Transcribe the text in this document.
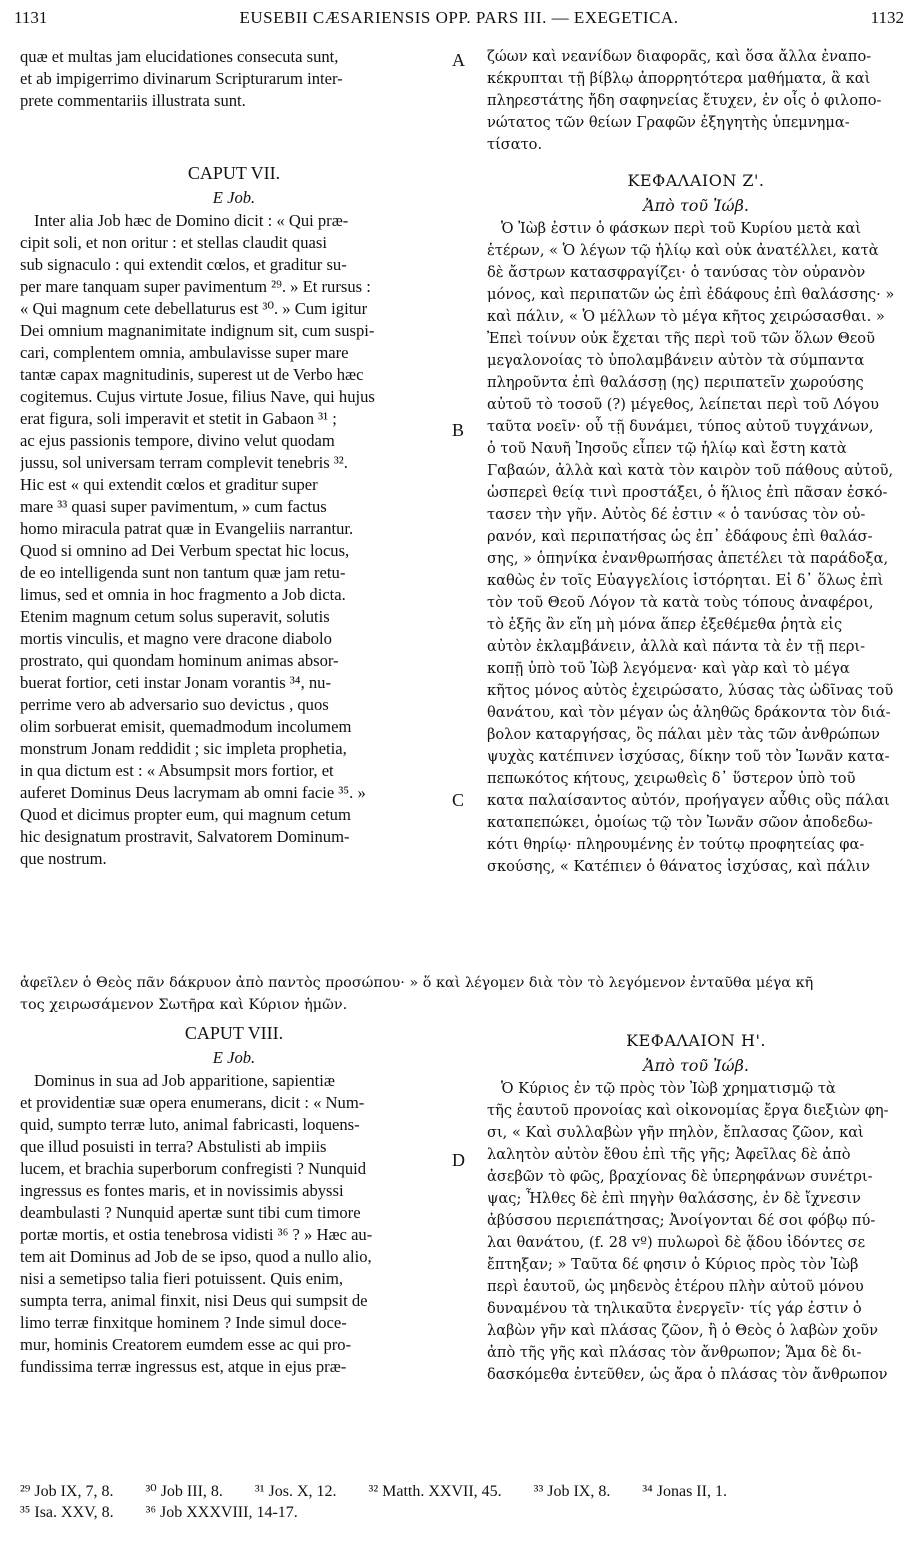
1131	EUSEBII CÆSARIENSIS OPP. PARS III. — EXEGETICA.	1132
A
B
C
D
quæ et multas jam elucidationes consecuta sunt,
et ab impigerrimo divinarum Scripturarum inter-
prete commentariis illustrata sunt.
CAPUT VII.
E Job.
Inter alia Job hæc de Domino dicit : « Qui præ-
cipit soli, et non oritur : et stellas claudit quasi
sub signaculo : qui extendit cœlos, et graditur su-
per mare tanquam super pavimentum ²⁹. » Et rursus :
« Qui magnum cete debellaturus est ³⁰. » Cum igitur
Dei omnium magnanimitate indignum sit, cum suspi-
cari, complentem omnia, ambulavisse super mare
tantæ capax magnitudinis, superest ut de Verbo hæc
cogitemus. Cujus virtute Josue, filius Nave, qui hujus
erat figura, soli imperavit et stetit in Gabaon ³¹ ;
ac ejus passionis tempore, divino velut quodam
jussu, sol universam terram complevit tenebris ³².
Hic est « qui extendit cœlos et graditur super
mare ³³ quasi super pavimentum, » cum factus
homo miracula patrat quæ in Evangeliis narrantur.
Quod si omnino ad Dei Verbum spectat hic locus,
de eo intelligenda sunt non tantum quæ jam retu-
limus, sed et omnia in hoc fragmento a Job dicta.
Etenim magnum cetum solus superavit, solutis
mortis vinculis, et magno vere dracone diabolo
prostrato, qui quondam hominum animas absor-
buerat fortior, ceti instar Jonam vorantis ³⁴, nu-
perrime vero ab adversario suo devictus , quos
olim sorbuerat emisit, quemadmodum incolumem
monstrum Jonam reddidit ; sic impleta prophetia,
in qua dictum est : « Absumpsit mors fortior, et
auferet Dominus Deus lacrymam ab omni facie ³⁵. »
Quod et dicimus propter eum, qui magnum cetum
hic designatum prostravit, Salvatorem Dominum-
que nostrum.
ζώων καὶ νεανίδων διαφορᾶς, καὶ ὅσα ἄλλα ἐναπο-
κέκρυπται τῇ βίβλῳ ἀπορρητότερα μαθήματα, ἃ καὶ
πληρεστάτης ἤδη σαφηνείας ἔτυχεν, ἐν οἷς ὁ φιλοπο-
νώτατος τῶν θείων Γραφῶν ἐξηγητὴς ὑπεμνημα-
τίσατο.
ΚΕΦΑΛΑΙΟΝ Ζ'.
Ἀπὸ τοῦ Ἰώβ.
Ὁ Ἰὼβ ἐστιν ὁ φάσκων περὶ τοῦ Κυρίου μετὰ καὶ
ἑτέρων, « Ὁ λέγων τῷ ἡλίῳ καὶ οὐκ ἀνατέλλει, κατὰ
δὲ ἄστρων κατασφραγίζει· ὁ τανύσας τὸν οὐρανὸν
μόνος, καὶ περιπατῶν ὡς ἐπὶ ἐδάφους ἐπὶ θαλάσσης· »
καὶ πάλιν, « Ὁ μέλλων τὸ μέγα κῆτος χειρώσασθαι. »
Ἐπεὶ τοίνυν οὐκ ἔχεται τῆς περὶ τοῦ τῶν ὅλων Θεοῦ
μεγαλονοίας τὸ ὑπολαμβάνειν αὐτὸν τὰ σύμπαντα
πληροῦντα ἐπὶ θαλάσσῃ (ης) περιπατεῖν χωρούσης
αὐτοῦ τὸ τοσοῦ (?) μέγεθος, λείπεται περὶ τοῦ Λόγου
ταῦτα νοεῖν· οὗ τῇ δυνάμει, τύπος αὐτοῦ τυγχάνων,
ὁ τοῦ Ναυῆ Ἰησοῦς εἶπεν τῷ ἡλίῳ καὶ ἔστη κατὰ
Γαβαών, ἀλλὰ καὶ κατὰ τὸν καιρὸν τοῦ πάθους αὐτοῦ,
ὡσπερεὶ θείᾳ τινὶ προστάξει, ὁ ἥλιος ἐπὶ πᾶσαν ἐσκό-
τασεν τὴν γῆν. Αὐτὸς δέ ἐστιν « ὁ τανύσας τὸν οὐ-
ρανόν, καὶ περιπατήσας ὡς ἐπ᾽ ἐδάφους ἐπὶ θαλάσ-
σης, » ὁπηνίκα ἐνανθρωπήσας ἀπετέλει τὰ παράδοξα,
καθὼς ἐν τοῖς Εὐαγγελίοις ἱστόρηται. Εἰ δ᾽ ὅλως ἐπὶ
τὸν τοῦ Θεοῦ Λόγον τὰ κατὰ τοὺς τόπους ἀναφέροι,
τὸ ἑξῆς ἂν εἴη μὴ μόνα ἅπερ ἐξεθέμεθα ῥητὰ εἰς
αὐτὸν ἐκλαμβάνειν, ἀλλὰ καὶ πάντα τὰ ἐν τῇ περι-
κοπῇ ὑπὸ τοῦ Ἰὼβ λεγόμενα· καὶ γὰρ καὶ τὸ μέγα
κῆτος μόνος αὐτὸς ἐχειρώσατο, λύσας τὰς ὠδῖνας τοῦ
θανάτου, καὶ τὸν μέγαν ὡς ἀληθῶς δράκοντα τὸν διά-
βολον καταργήσας, ὃς πάλαι μὲν τὰς τῶν ἀνθρώπων
ψυχὰς κατέπινεν ἰσχύσας, δίκην τοῦ τὸν Ἰωνᾶν κατα-
πεπωκότος κήτους, χειρωθεὶς δ᾽ ὕστερον ὑπὸ τοῦ
κατα παλαίσαντος αὐτόν, προήγαγεν αὖθις οὓς πάλαι
καταπεπώκει, ὁμοίως τῷ τὸν Ἰωνᾶν σῶον ἀποδεδω-
κότι θηρίῳ· πληρουμένης ἐν τούτῳ προφητείας φα-
σκούσης, « Κατέπιεν ὁ θάνατος ἰσχύσας, καὶ πάλιν
ἀφεῖλεν ὁ Θεὸς πᾶν δάκρυον ἀπὸ παντὸς προσώπου· » ὅ καὶ λέγομεν διὰ τὸν τὸ λεγόμενον ἐνταῦθα μέγα κῆ
τος χειρωσάμενον Σωτῆρα καὶ Κύριον ἡμῶν.
CAPUT VIII.
E Job.
Dominus in sua ad Job apparitione, sapientiæ
et providentiæ suæ opera enumerans, dicit : « Num-
quid, sumpto terræ luto, animal fabricasti, loquens-
que illud posuisti in terra? Abstulisti ab impiis
lucem, et brachia superborum confregisti ? Nunquid
ingressus es fontes maris, et in novissimis abyssi
deambulasti ? Nunquid apertæ sunt tibi cum timore
portæ mortis, et ostia tenebrosa vidisti ³⁶ ? » Hæc au-
tem ait Dominus ad Job de se ipso, quod a nullo alio,
nisi a semetipso talia fieri potuissent. Quis enim,
sumpta terra, animal finxit, nisi Deus qui sumpsit de
limo terræ finxitque hominem ? Inde simul doce-
mur, hominis Creatorem eumdem esse ac qui pro-
fundissima terræ ingressus est, atque in ejus præ-
ΚΕΦΑΛΑΙΟΝ Η'.
Ἀπὸ τοῦ Ἰώβ.
Ὁ Κύριος ἐν τῷ πρὸς τὸν Ἰὼβ χρηματισμῷ τὰ
τῆς ἑαυτοῦ προνοίας καὶ οἰκονομίας ἔργα διεξιὼν φη-
σι, « Καὶ συλλαβὼν γῆν πηλὸν, ἔπλασας ζῶον, καὶ
λαλητὸν αὐτὸν ἔθου ἐπὶ τῆς γῆς; Ἀφεῖλας δὲ ἀπὸ
ἀσεβῶν τὸ φῶς, βραχίονας δὲ ὑπερηφάνων συνέτρι-
ψας; Ἦλθες δὲ ἐπὶ πηγὴν θαλάσσης, ἐν δὲ ἴχνεσιν
ἀβύσσου περιεπάτησας; Ἀνοίγονται δέ σοι φόβῳ πύ-
λαι θανάτου, (f. 28 vº) πυλωροὶ δὲ ᾅδου ἰδόντες σε
ἔπτηξαν; » Ταῦτα δέ φησιν ὁ Κύριος πρὸς τὸν Ἰὼβ
περὶ ἑαυτοῦ, ὡς μηδενὸς ἑτέρου πλὴν αὐτοῦ μόνου
δυναμένου τὰ τηλικαῦτα ἐνεργεῖν· τίς γάρ ἐστιν ὁ
λαβὼν γῆν καὶ πλάσας ζῶον, ἢ ὁ Θεὸς ὁ λαβὼν χοῦν
ἀπὸ τῆς γῆς καὶ πλάσας τὸν ἄνθρωπον; Ἅμα δὲ δι-
δασκόμεθα ἐντεῦθεν, ὡς ἄρα ὁ πλάσας τὸν ἄνθρωπον
²⁹ Job IX, 7, 8. ³⁰ Job III, 8. ³¹ Jos. X, 12. ³² Matth. XXVII, 45. ³³ Job IX, 8. ³⁴ Jonas II, 1.
³⁵ Isa. XXV, 8. ³⁶ Job XXXVIII, 14-17.
